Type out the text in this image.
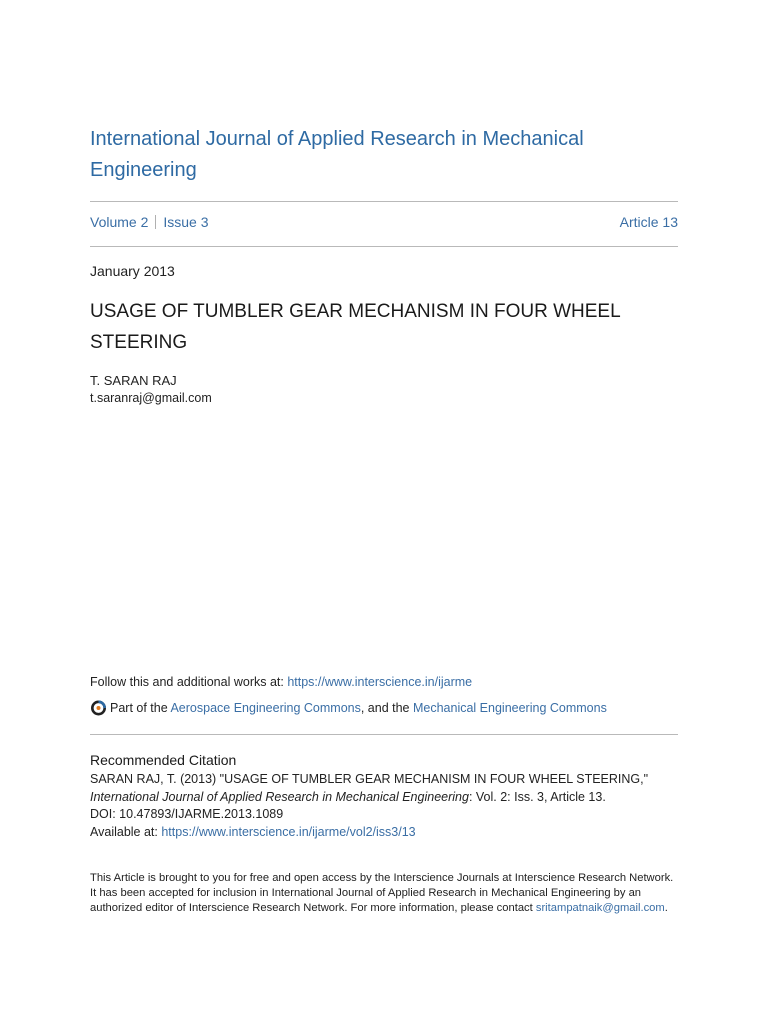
International Journal of Applied Research in Mechanical Engineering
Volume 2 Issue 3	Article 13
January 2013
USAGE OF TUMBLER GEAR MECHANISM IN FOUR WHEEL STEERING
T. SARAN RAJ
t.saranraj@gmail.com
Follow this and additional works at: https://www.interscience.in/ijarme
Part of the Aerospace Engineering Commons, and the Mechanical Engineering Commons
Recommended Citation
SARAN RAJ, T. (2013) "USAGE OF TUMBLER GEAR MECHANISM IN FOUR WHEEL STEERING,"
International Journal of Applied Research in Mechanical Engineering: Vol. 2: Iss. 3, Article 13.
DOI: 10.47893/IJARME.2013.1089
Available at: https://www.interscience.in/ijarme/vol2/iss3/13
This Article is brought to you for free and open access by the Interscience Journals at Interscience Research Network. It has been accepted for inclusion in International Journal of Applied Research in Mechanical Engineering by an authorized editor of Interscience Research Network. For more information, please contact sritampatnaik@gmail.com.
